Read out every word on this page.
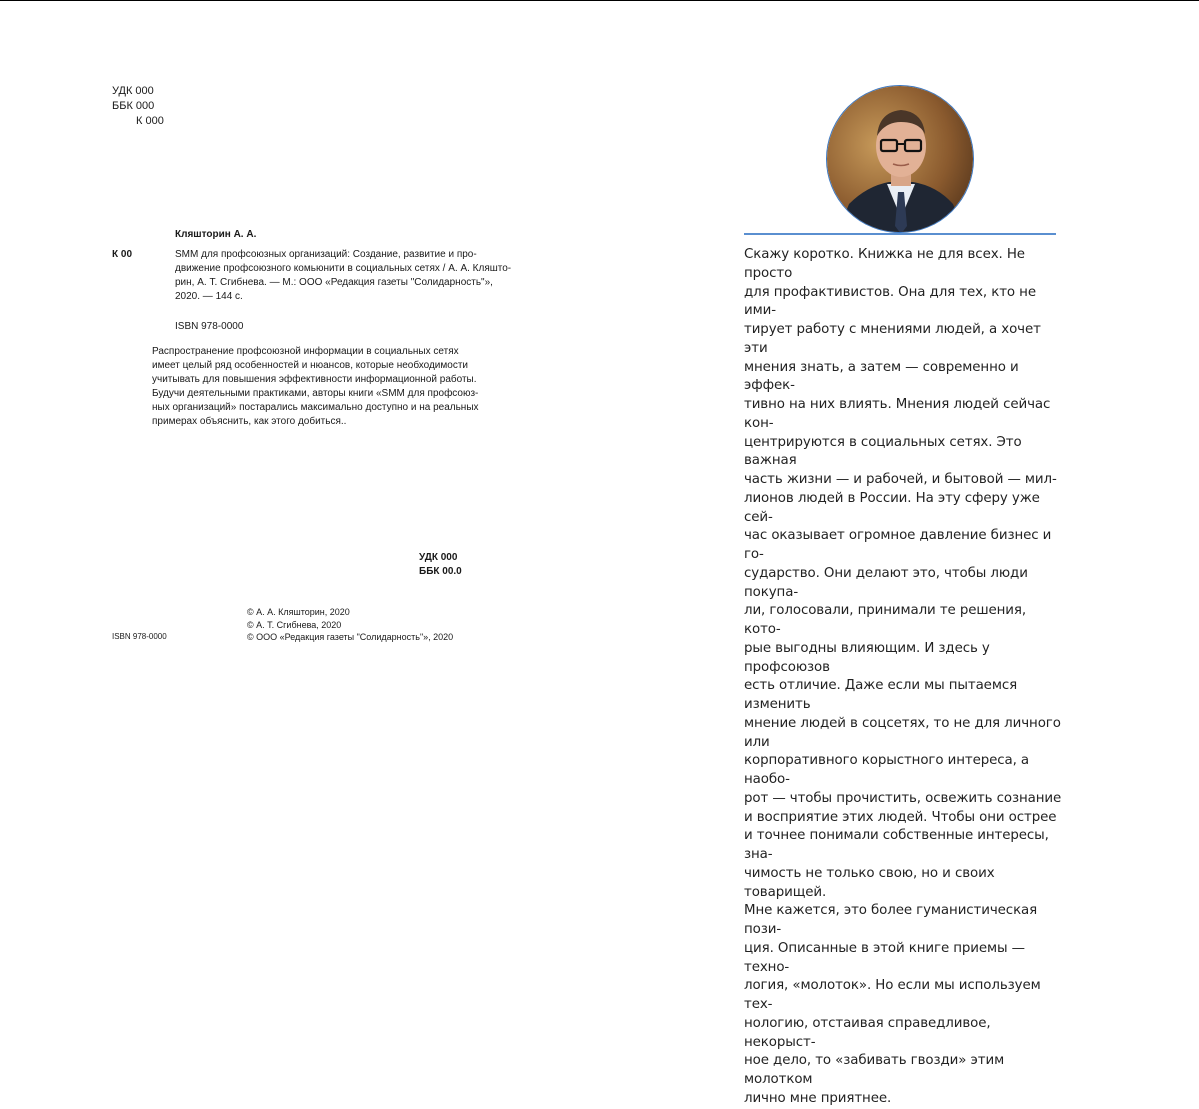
УДК 000
ББК 000
К 000
Кляшторин А. А.
К 00	SMM для профсоюзных организаций: Создание, развитие и про-
движение профсоюзного комьюнити в социальных сетях / А. А. Кляшто-
рин, А. Т. Сгибнева. — М.: ООО «Редакция газеты "Солидарность"»,
2020. — 144 с.
ISBN 978-0000
Распространение профсоюзной информации в социальных сетях
имеет целый ряд особенностей и нюансов, которые необходимости
учитывать для повышения эффективности информационной работы.
Будучи деятельными практиками, авторы книги «SMM для профсоюз-
ных организаций» постарались максимально доступно и на реальных
примерах объяснить, как этого добиться..
УДК 000
ББК 00.0
© А. А. Кляшторин, 2020
© А. Т. Сгибнева, 2020
© ООО «Редакция газеты "Солидарность"», 2020
ISBN 978-0000
Скажу коротко. Книжка не для всех. Не просто
для профактивистов. Она для тех, кто не ими-
тирует работу с мнениями людей, а хочет эти
мнения знать, а затем — современно и эффек-
тивно на них влиять. Мнения людей сейчас кон-
центрируются в социальных сетях. Это важная
часть жизни — и рабочей, и бытовой — мил-
лионов людей в России. На эту сферу уже сей-
час оказывает огромное давление бизнес и го-
сударство. Они делают это, чтобы люди покупа-
ли, голосовали, принимали те решения, кото-
рые выгодны влияющим. И здесь у профсоюзов
есть отличие. Даже если мы пытаемся изменить
мнение людей в соцсетях, то не для личного или
корпоративного корыстного интереса, а наобо-
рот — чтобы прочистить, освежить сознание
и восприятие этих людей. Чтобы они острее
и точнее понимали собственные интересы, зна-
чимость не только свою, но и своих товарищей.
Мне кажется, это более гуманистическая пози-
ция. Описанные в этой книге приемы — техно-
логия, «молоток». Но если мы используем тех-
нологию, отстаивая справедливое, некорыст-
ное дело, то «забивать гвозди» этим молотком
лично мне приятнее.
